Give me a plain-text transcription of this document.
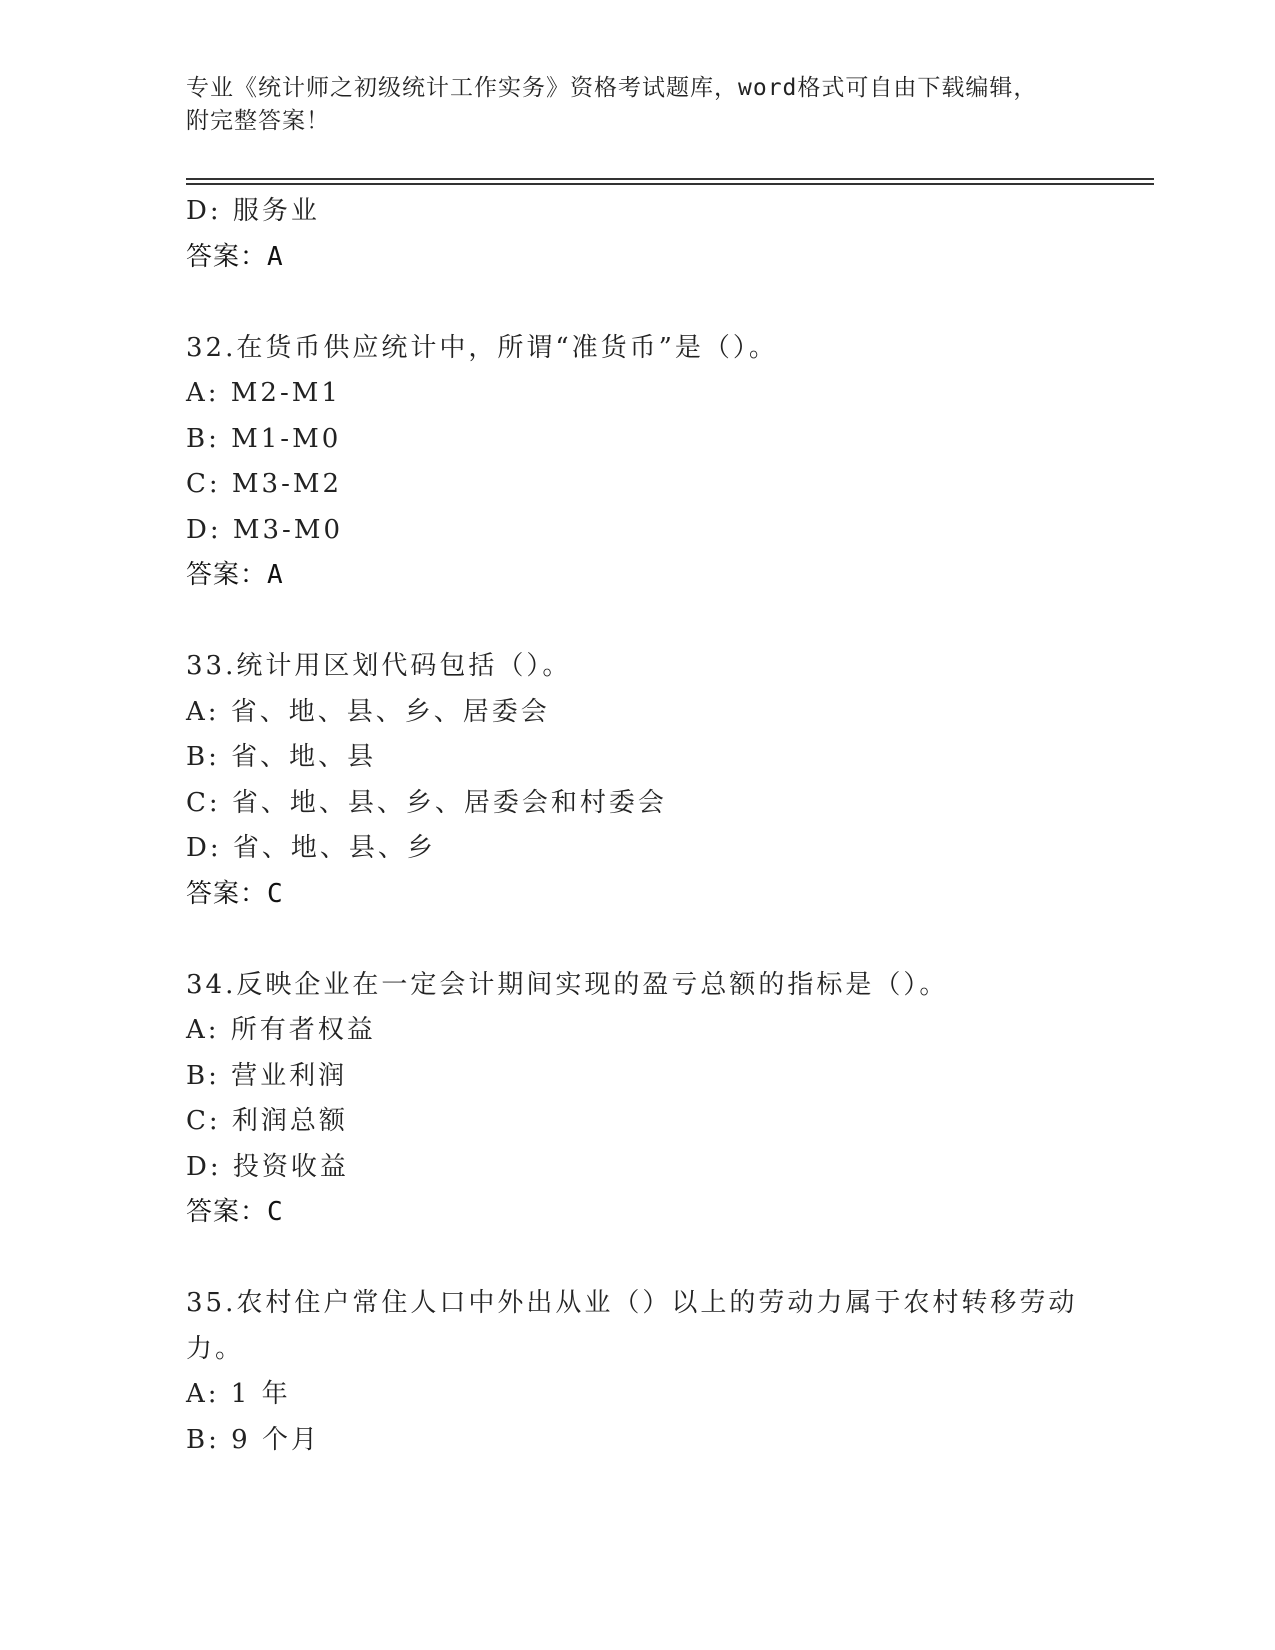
专业《统计师之初级统计工作实务》资格考试题库，word格式可自由下载编辑，
附完整答案！
D: 服务业
答案：A
32.在货币供应统计中，所谓“准货币”是（）。
A: M2-M1
B: M1-M0
C: M3-M2
D: M3-M0
答案：A
33.统计用区划代码包括（）。
A: 省、地、县、乡、居委会
B: 省、地、县
C: 省、地、县、乡、居委会和村委会
D: 省、地、县、乡
答案：C
34.反映企业在一定会计期间实现的盈亏总额的指标是（）。
A: 所有者权益
B: 营业利润
C: 利润总额
D: 投资收益
答案：C
35.农村住户常住人口中外出从业（）以上的劳动力属于农村转移劳动
力。
A: 1 年
B: 9 个月
